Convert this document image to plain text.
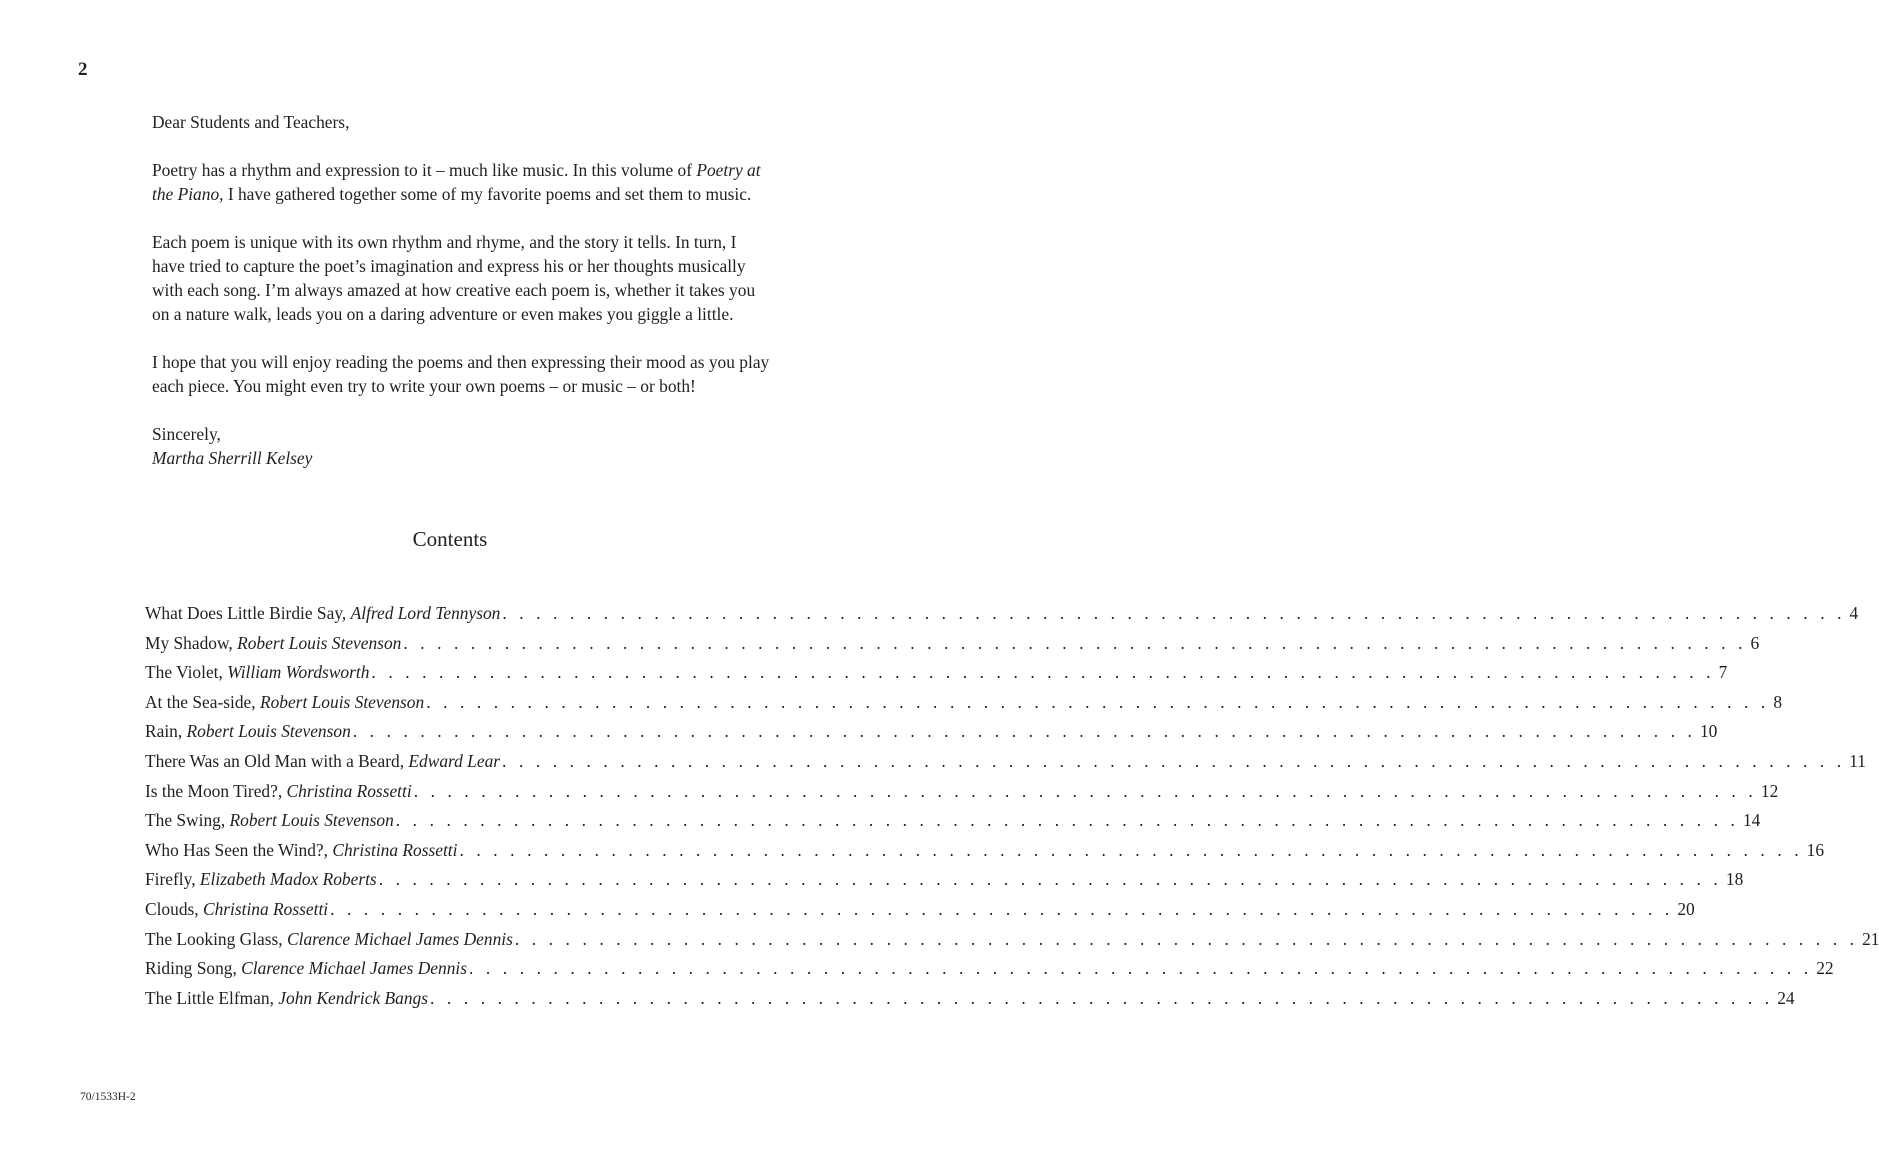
2

Dear Students and Teachers,

Poetry has a rhythm and expression to it – much like music. In this volume of Poetry at the Piano, I have gathered together some of my favorite poems and set them to music.

Each poem is unique with its own rhythm and rhyme, and the story it tells. In turn, I have tried to capture the poet’s imagination and express his or her thoughts musically with each song. I’m always amazed at how creative each poem is, whether it takes you on a nature walk, leads you on a daring adventure or even makes you giggle a little.

I hope that you will enjoy reading the poems and then expressing their mood as you play each piece. You might even try to write your own poems – or music – or both!

Sincerely,

Martha Sherrill Kelsey

Contents
What Does Little Birdie Say, Alfred Lord Tennyson . . . . . . . . . . . . . . . . . . . . . . . . . . . . . . . . . . . . . . . . . . . . . . . . . . . . . . . . . . . . . . . . . . . . . . . . . . . . . . . . 4
My Shadow, Robert Louis Stevenson . . . . . . . . . . . . . . . . . . . . . . . . . . . . . . . . . . . . . . . . . . . . . . . . . . . . . . . . . . . . . . . . . . . . . . . . . . . . . . . . 6
The Violet, William Wordsworth . . . . . . . . . . . . . . . . . . . . . . . . . . . . . . . . . . . . . . . . . . . . . . . . . . . . . . . . . . . . . . . . . . . . . . . . . . . . . . . . 7
At the Sea-side, Robert Louis Stevenson . . . . . . . . . . . . . . . . . . . . . . . . . . . . . . . . . . . . . . . . . . . . . . . . . . . . . . . . . . . . . . . . . . . . . . . . . . . . . . . . 8
Rain, Robert Louis Stevenson . . . . . . . . . . . . . . . . . . . . . . . . . . . . . . . . . . . . . . . . . . . . . . . . . . . . . . . . . . . . . . . . . . . . . . . . . . . . . . . . 10
There Was an Old Man with a Beard, Edward Lear . . . . . . . . . . . . . . . . . . . . . . . . . . . . . . . . . . . . . . . . . . . . . . . . . . . . . . . . . . . . . . . . . . . . . . . . . . . . . . . . 11
Is the Moon Tired?, Christina Rossetti . . . . . . . . . . . . . . . . . . . . . . . . . . . . . . . . . . . . . . . . . . . . . . . . . . . . . . . . . . . . . . . . . . . . . . . . . . . . . . . . 12
The Swing, Robert Louis Stevenson . . . . . . . . . . . . . . . . . . . . . . . . . . . . . . . . . . . . . . . . . . . . . . . . . . . . . . . . . . . . . . . . . . . . . . . . . . . . . . . . 14
Who Has Seen the Wind?, Christina Rossetti . . . . . . . . . . . . . . . . . . . . . . . . . . . . . . . . . . . . . . . . . . . . . . . . . . . . . . . . . . . . . . . . . . . . . . . . . . . . . . . . 16
Firefly, Elizabeth Madox Roberts . . . . . . . . . . . . . . . . . . . . . . . . . . . . . . . . . . . . . . . . . . . . . . . . . . . . . . . . . . . . . . . . . . . . . . . . . . . . . . . . 18
Clouds, Christina Rossetti . . . . . . . . . . . . . . . . . . . . . . . . . . . . . . . . . . . . . . . . . . . . . . . . . . . . . . . . . . . . . . . . . . . . . . . . . . . . . . . . 20
The Looking Glass, Clarence Michael James Dennis . . . . . . . . . . . . . . . . . . . . . . . . . . . . . . . . . . . . . . . . . . . . . . . . . . . . . . . . . . . . . . . . . . . . . . . . . . . . . . . . 21
Riding Song, Clarence Michael James Dennis . . . . . . . . . . . . . . . . . . . . . . . . . . . . . . . . . . . . . . . . . . . . . . . . . . . . . . . . . . . . . . . . . . . . . . . . . . . . . . . . 22
The Little Elfman, John Kendrick Bangs . . . . . . . . . . . . . . . . . . . . . . . . . . . . . . . . . . . . . . . . . . . . . . . . . . . . . . . . . . . . . . . . . . . . . . . . . . . . . . . . 24
70/1533H-2
